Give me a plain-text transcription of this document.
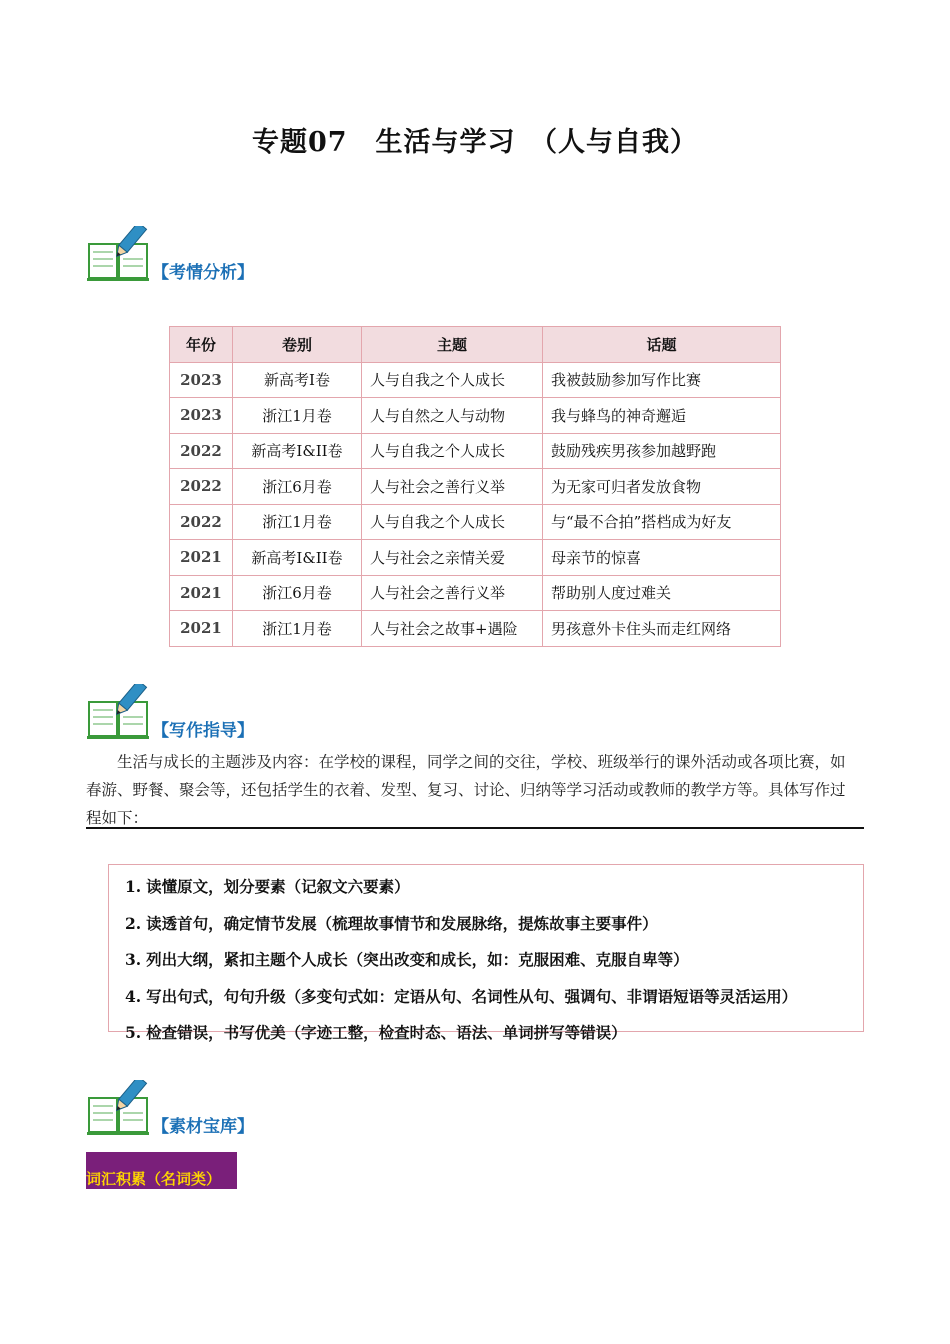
专题07　生活与学习　（人与自我）
【考情分析】
年份	卷别	主题	话题
2023	新高考I卷	人与自我之个人成长	我被鼓励参加写作比赛
2023	浙江1月卷	人与自然之人与动物	我与蜂鸟的神奇邂逅
2022	新高考I&II卷	人与自我之个人成长	鼓励残疾男孩参加越野跑
2022	浙江6月卷	人与社会之善行义举	为无家可归者发放食物
2022	浙江1月卷	人与自我之个人成长	与“最不合拍”搭档成为好友
2021	新高考I&II卷	人与社会之亲情关爱	母亲节的惊喜
2021	浙江6月卷	人与社会之善行义举	帮助别人度过难关
2021	浙江1月卷	人与社会之故事+遇险	男孩意外卡住头而走红网络
【写作指导】
生活与成长的主题涉及内容：在学校的课程，同学之间的交往，学校、班级举行的课外活动或各项比赛，如春游、野餐、聚会等，还包括学生的衣着、发型、复习、讨论、归纳等学习活动或教师的教学方等。具体写作过程如下：
1. 读懂原文，划分要素（记叙文六要素）
2. 读透首句，确定情节发展（梳理故事情节和发展脉络，提炼故事主要事件）
3. 列出大纲，紧扣主题个人成长（突出改变和成长，如：克服困难、克服自卑等）
4. 写出句式，句句升级（多变句式如：定语从句、名词性从句、强调句、非谓语短语等灵活运用）
5. 检查错误，书写优美（字迹工整，检查时态、语法、单词拼写等错误）
【素材宝库】
词汇积累（名词类）
